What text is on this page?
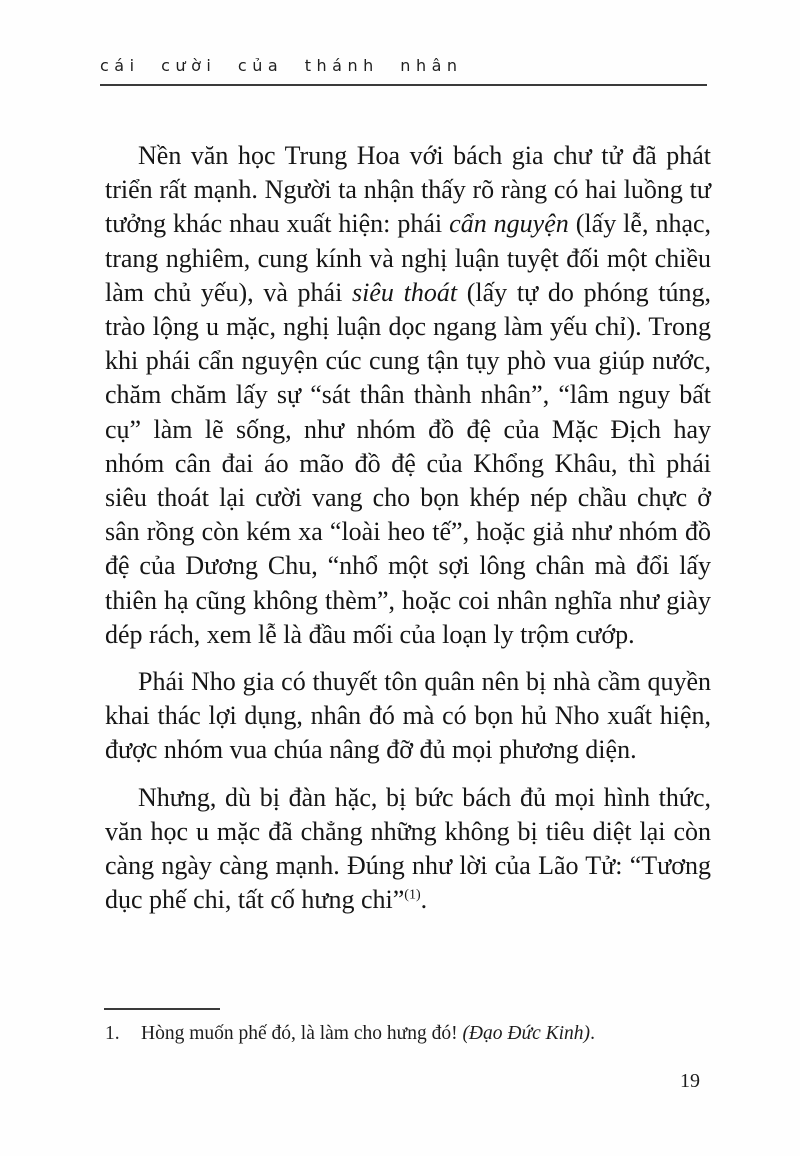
cái cười của thánh nhân

Nền văn học Trung Hoa với bách gia chư tử đã phát triển rất mạnh. Người ta nhận thấy rõ ràng có hai luồng tư tưởng khác nhau xuất hiện: phái cẩn nguyện (lấy lễ, nhạc, trang nghiêm, cung kính và nghị luận tuyệt đối một chiều làm chủ yếu), và phái siêu thoát (lấy tự do phóng túng, trào lộng u mặc, nghị luận dọc ngang làm yếu chỉ). Trong khi phái cẩn nguyện cúc cung tận tụy phò vua giúp nước, chăm chăm lấy sự “sát thân thành nhân”, “lâm nguy bất cụ” làm lẽ sống, như nhóm đồ đệ của Mặc Địch hay nhóm cân đai áo mão đồ đệ của Khổng Khâu, thì phái siêu thoát lại cười vang cho bọn khép nép chầu chực ở sân rồng còn kém xa “loài heo tế”, hoặc giả như nhóm đồ đệ của Dương Chu, “nhổ một sợi lông chân mà đổi lấy thiên hạ cũng không thèm”, hoặc coi nhân nghĩa như giày dép rách, xem lễ là đầu mối của loạn ly trộm cướp.

Phái Nho gia có thuyết tôn quân nên bị nhà cầm quyền khai thác lợi dụng, nhân đó mà có bọn hủ Nho xuất hiện, được nhóm vua chúa nâng đỡ đủ mọi phương diện.

Nhưng, dù bị đàn hặc, bị bức bách đủ mọi hình thức, văn học u mặc đã chẳng những không bị tiêu diệt lại còn càng ngày càng mạnh. Đúng như lời của Lão Tử: “Tương dục phế chi, tất cố hưng chi”$^{(1)}$.

1.	Hòng muốn phế đó, là làm cho hưng đó! (Đạo Đức Kinh).
19
